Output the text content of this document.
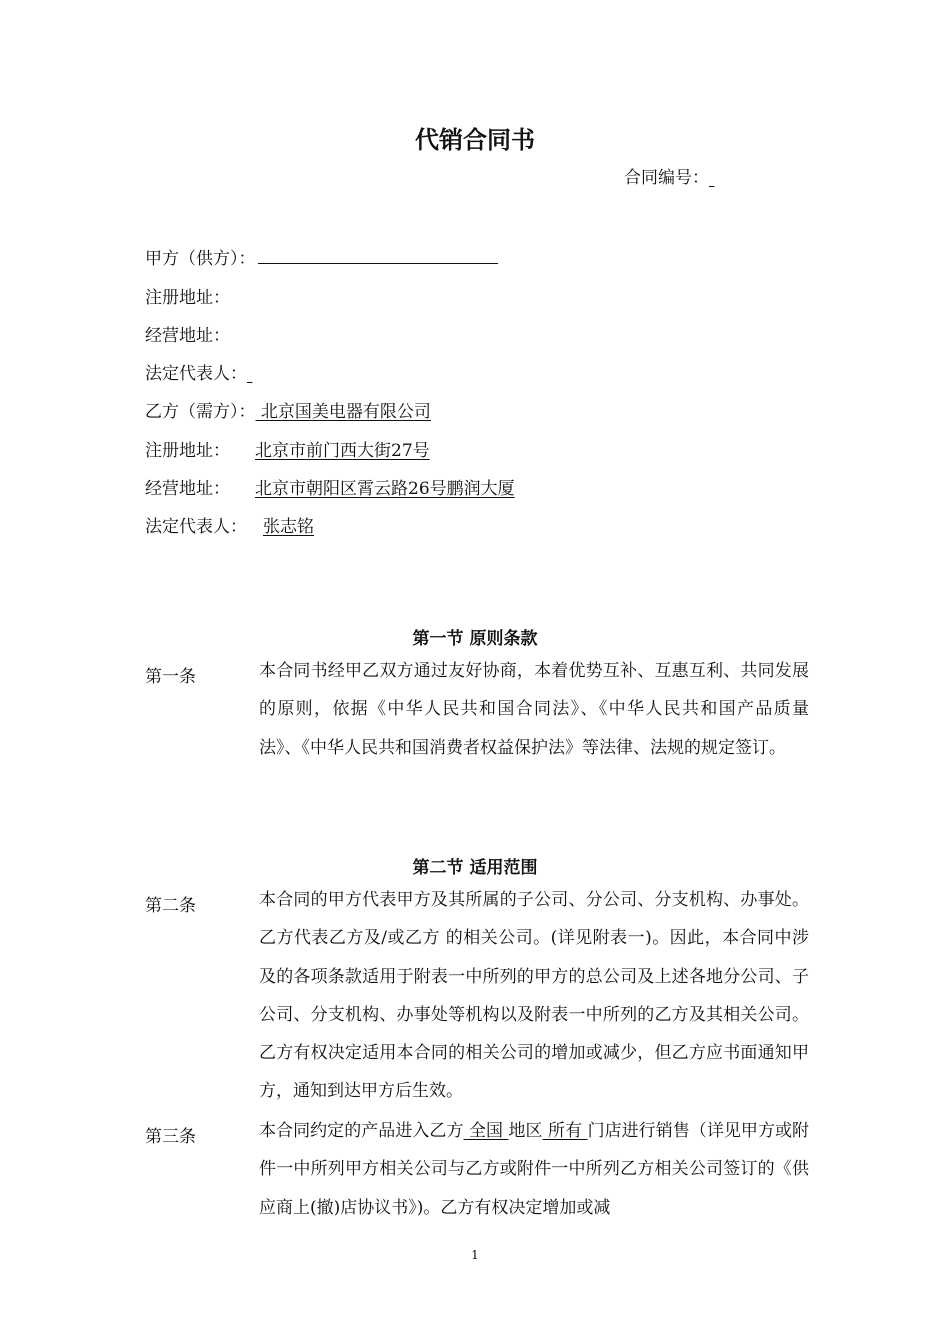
代销合同书
合同编号：
甲方（供方）：
注册地址：
经营地址：
法定代表人：
乙方（需方）： 北京国美电器有限公司
注册地址： 北京市前门西大街27号
经营地址： 北京市朝阳区霄云路26号鹏润大厦
法定代表人： 张志铭
第一节 原则条款
第一条	本合同书经甲乙双方通过友好协商，本着优势互补、互惠互利、共同发展的原则，依据《中华人民共和国合同法》、《中华人民共和国产品质量法》、《中华人民共和国消费者权益保护法》等法律、法规的规定签订。
第二节 适用范围
第二条	本合同的甲方代表甲方及其所属的子公司、分公司、分支机构、办事处。乙方代表乙方及/或乙方 的相关公司。(详见附表一)。因此，本合同中涉及的各项条款适用于附表一中所列的甲方的总公司及上述各地分公司、子公司、分支机构、办事处等机构以及附表一中所列的乙方及其相关公司。乙方有权决定适用本合同的相关公司的增加或减少，但乙方应书面通知甲方，通知到达甲方后生效。
第三条	本合同约定的产品进入乙方 全国 地区 所有 门店进行销售（详见甲方或附件一中所列甲方相关公司与乙方或附件一中所列乙方相关公司签订的《供应商上(撤)店协议书》)。乙方有权决定增加或减
1
